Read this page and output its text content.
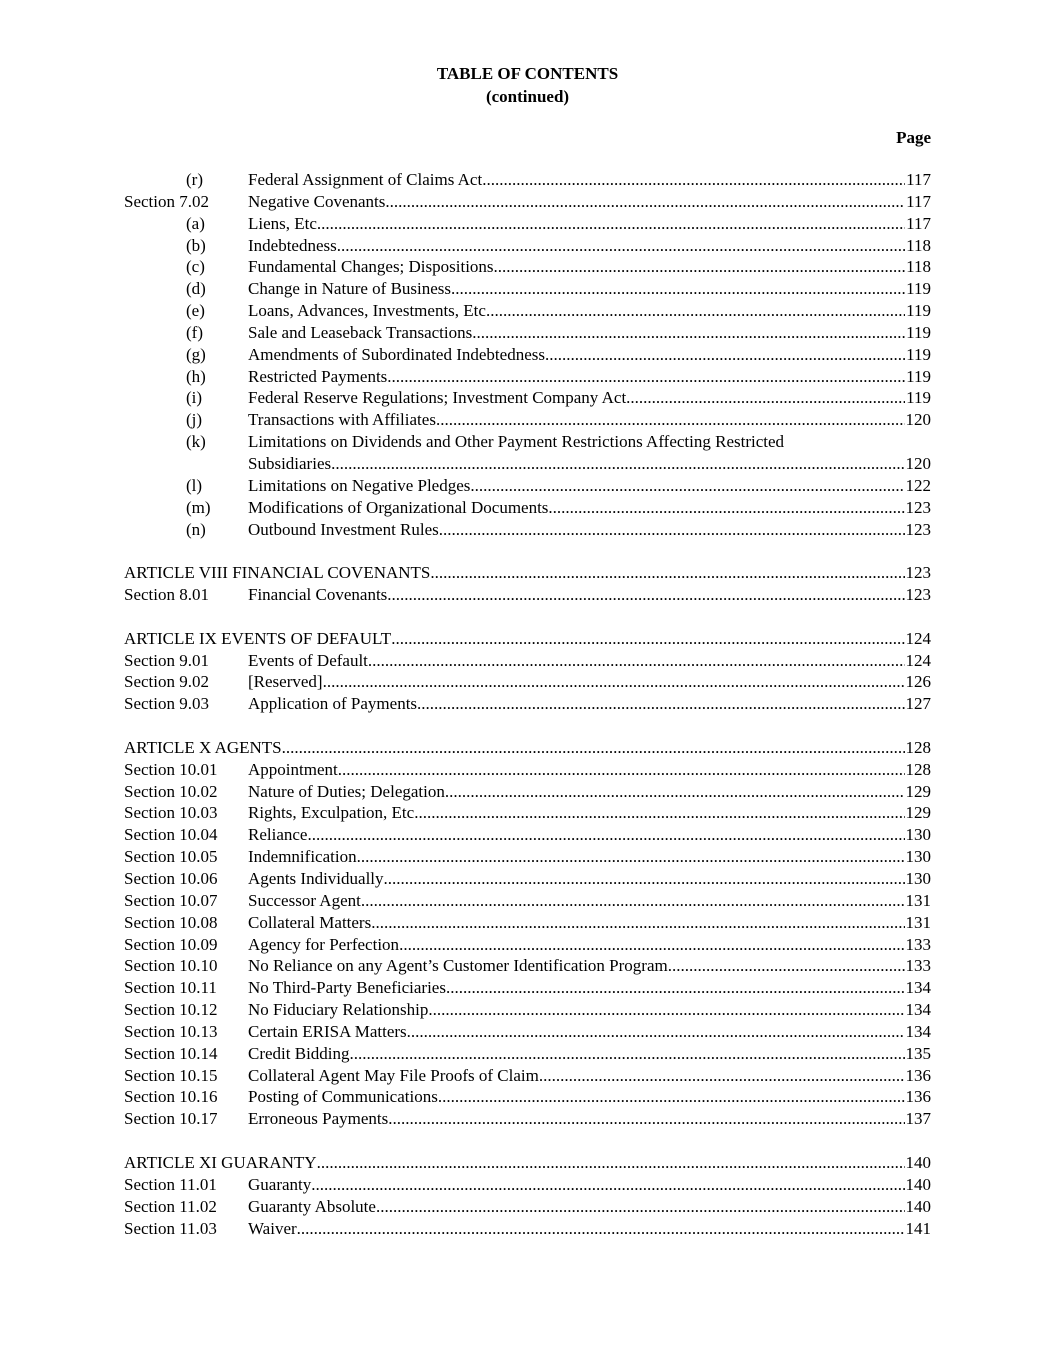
TABLE OF CONTENTS
(continued)
Page
(r)	Federal Assignment of Claims Act .....	117
Section 7.02 Negative Covenants .....	117
(a)	Liens, Etc. .....	117
(b) Indebtedness .....	118
(c)	Fundamental Changes; Dispositions .....	118
(d) Change in Nature of Business .....	119
(e)	Loans, Advances, Investments, Etc. .....	119
(f)	Sale and Leaseback Transactions .....	119
(g) Amendments of Subordinated Indebtedness .....	119
(h) Restricted Payments .....	119
(i)	Federal Reserve Regulations; Investment Company Act .....	119
(j)	Transactions with Affiliates .....	120
(k) Limitations on Dividends and Other Payment Restrictions Affecting Restricted
Subsidiaries .....	120
(l)	Limitations on Negative Pledges .....	122
(m) Modifications of Organizational Documents .....	123
(n) Outbound Investment Rules .....	123
ARTICLE VIII FINANCIAL COVENANTS .....	123
Section 8.01 Financial Covenants .....	123
ARTICLE IX EVENTS OF DEFAULT .....	124
Section 9.01 Events of Default .....	124
Section 9.02 [Reserved] .....	126
Section 9.03 Application of Payments .....	127
ARTICLE X AGENTS .....	128
Section 10.01 Appointment .....	128
Section 10.02 Nature of Duties; Delegation .....	129
Section 10.03 Rights, Exculpation, Etc. .....	129
Section 10.04 Reliance .....	130
Section 10.05 Indemnification .....	130
Section 10.06 Agents Individually .....	130
Section 10.07 Successor Agent .....	131
Section 10.08 Collateral Matters .....	131
Section 10.09 Agency for Perfection .....	133
Section 10.10 No Reliance on any Agent’s Customer Identification Program .....	133
Section 10.11 No Third-Party Beneficiaries .....	134
Section 10.12 No Fiduciary Relationship .....	134
Section 10.13 Certain ERISA Matters .....	134
Section 10.14 Credit Bidding .....	135
Section 10.15 Collateral Agent May File Proofs of Claim .....	136
Section 10.16 Posting of Communications .....	136
Section 10.17 Erroneous Payments .....	137
ARTICLE XI GUARANTY .....	140
Section 11.01 Guaranty .....	140
Section 11.02 Guaranty Absolute .....	140
Section 11.03 Waiver .....	141
